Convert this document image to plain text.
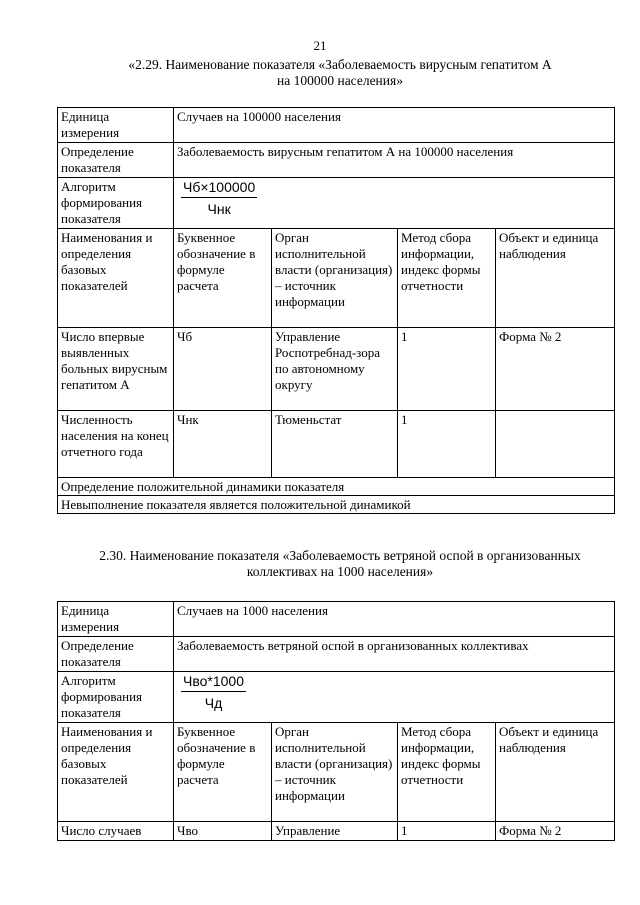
21
«2.29. Наименование показателя «Заболеваемость вирусным гепатитом А
на 100000 населения»
Единица измерения	Случаев на 100000 населения			
Определение показателя	Заболеваемость вирусным гепатитом А на 100000 населения			
Алгоритм формирования показателя	$\frac{Чб\times 100000}{\text{Чнк}}$

Наименования и определения базовых показателей	Буквенное обозначение в формуле расчета	Орган исполнительной власти (организация) – источник информации	Метод сбора информации, индекс формы отчетности	Объект и единица наблюдения
Число впервые выявленных больных вирусным гепатитом А	Чб	Управление Роспотребнад-зора по автономному округу	1	Форма № 2
Численность населения на конец отчетного года	Чнк	Тюменьстат	1	
Определение положительной динамики показателя				
Невыполнение показателя является положительной динамикой				
2.30. Наименование показателя «Заболеваемость ветряной оспой в организованных
коллективах на 1000 населения»
Единица измерения	Случаев на 1000 населения			
Определение показателя	Заболеваемость ветряной оспой в организованных коллективах			
Алгоритм формирования показателя	$\frac{\text{Чво*1000}}{Чд}$

Наименования и определения базовых показателей	Буквенное обозначение в формуле расчета	Орган исполнительной власти (организация) – источник информации	Метод сбора информации, индекс формы отчетности	Объект и единица наблюдения
Число случаев	Чво	Управление	1	Форма № 2
